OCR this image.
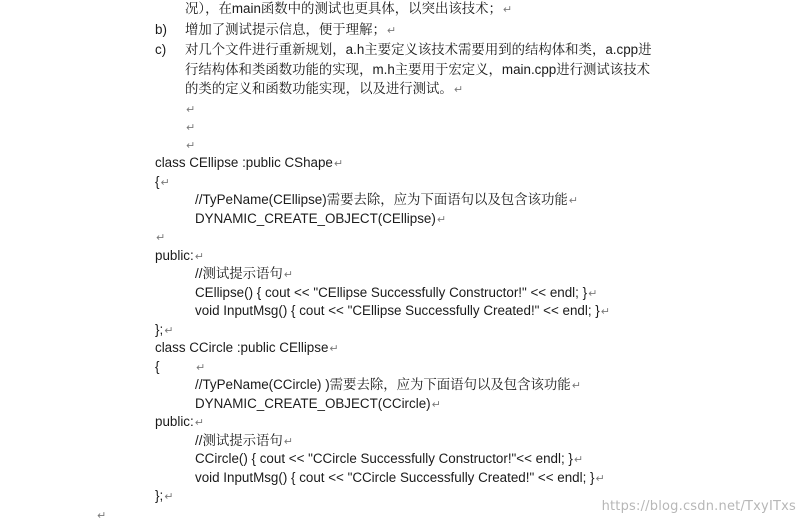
况），在main函数中的测试也更具体，以突出该技术；↵
b) 增加了测试提示信息，便于理解；↵
c) 对几个文件进行重新规划，a.h主要定义该技术需要用到的结构体和类，a.cpp进
行结构体和类函数功能的实现，m.h主要用于宏定义，main.cpp进行测试该技术
的类的定义和函数功能实现，以及进行测试。↵
↵
↵
↵
class CEllipse :public CShape↵
{↵
//TyPeName(CEllipse)需要去除，应为下面语句以及包含该功能↵
DYNAMIC_CREATE_OBJECT(CEllipse)↵
↵
public:↵
//测试提示语句↵
CEllipse() { cout << "CEllipse Successfully Constructor!" << endl; }↵
void InputMsg() { cout << "CEllipse Successfully Created!" << endl; }↵
};↵
class CCircle :public CEllipse↵
{	↵
//TyPeName(CCircle) )需要去除，应为下面语句以及包含该功能↵
DYNAMIC_CREATE_OBJECT(CCircle)↵
public:↵
//测试提示语句↵
CCircle() { cout << "CCircle Successfully Constructor!"<< endl; }↵
void InputMsg() { cout << "CCircle Successfully Created!" << endl; }↵
};↵
↵
https://blog.csdn.net/TxyITxs
